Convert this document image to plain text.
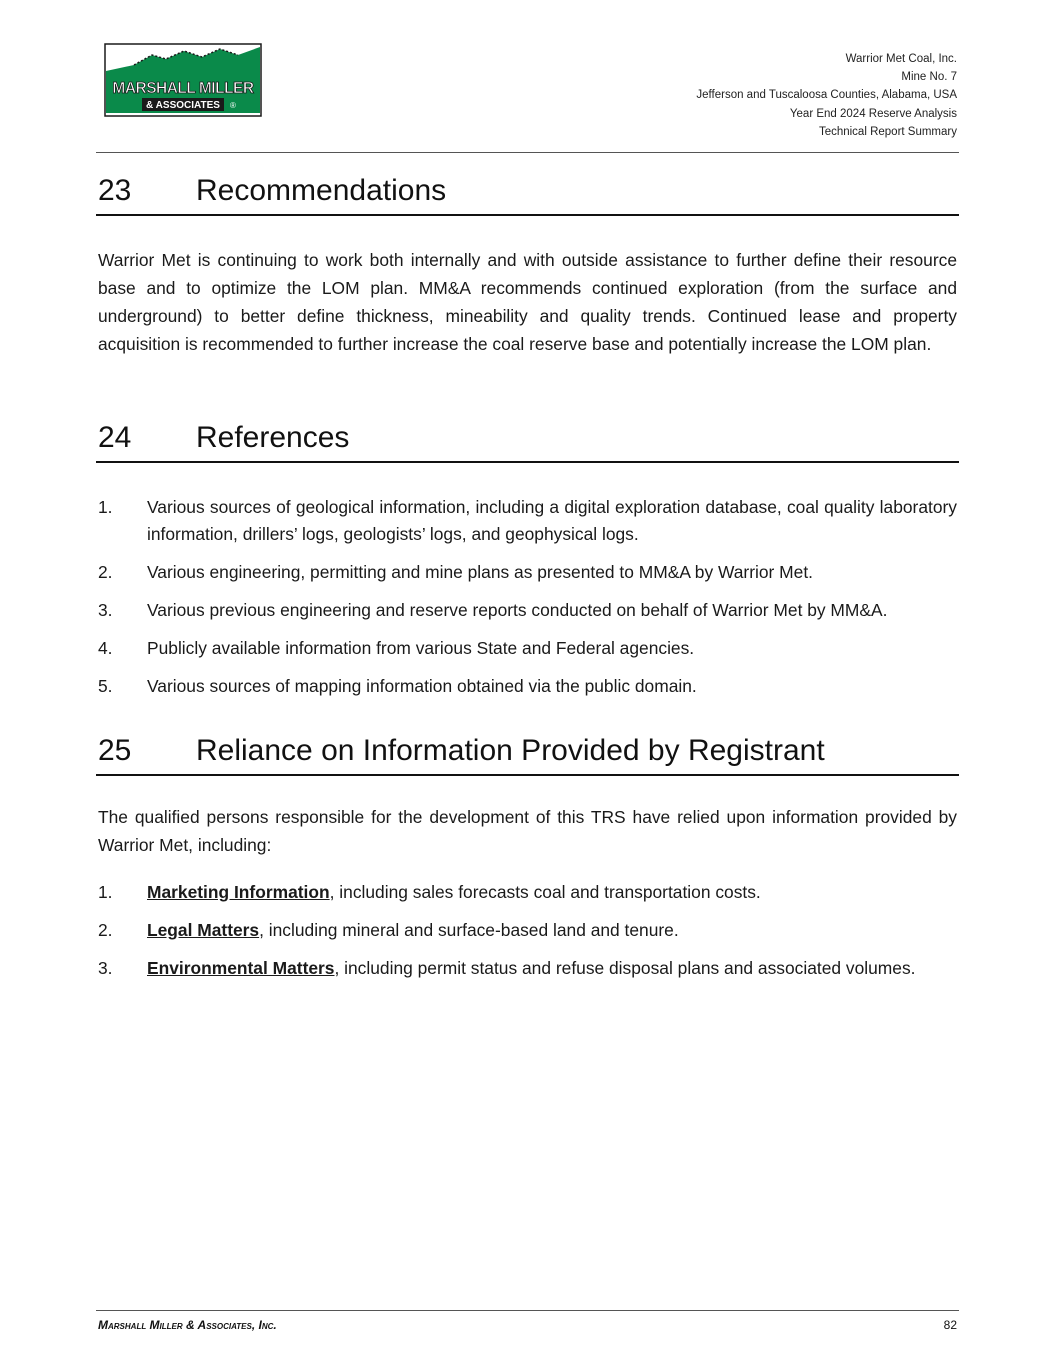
MARSHALL MILLER
& ASSOCIATES ®
Warrior Met Coal, Inc.
Mine No. 7
Jefferson and Tuscaloosa Counties, Alabama, USA
Year End 2024 Reserve Analysis
Technical Report Summary
23 Recommendations

Warrior Met is continuing to work both internally and with outside assistance to further define their resource base and to optimize the LOM plan. MM&A recommends continued exploration (from the surface and underground) to better define thickness, mineability and quality trends. Continued lease and property acquisition is recommended to further increase the coal reserve base and potentially increase the LOM plan.

24 References
1. Various sources of geological information, including a digital exploration database, coal quality laboratory information, drillers’ logs, geologists’ logs, and geophysical logs.
2. Various engineering, permitting and mine plans as presented to MM&A by Warrior Met.
3. Various previous engineering and reserve reports conducted on behalf of Warrior Met by MM&A.
4. Publicly available information from various State and Federal agencies.
5. Various sources of mapping information obtained via the public domain.
25 Reliance on Information Provided by Registrant

The qualified persons responsible for the development of this TRS have relied upon information provided by Warrior Met, including:

1. Marketing Information, including sales forecasts coal and transportation costs.
2. Legal Matters, including mineral and surface-based land and tenure.
3. Environmental Matters, including permit status and refuse disposal plans and associated volumes.
Marshall Miller & Associates, Inc.	82
